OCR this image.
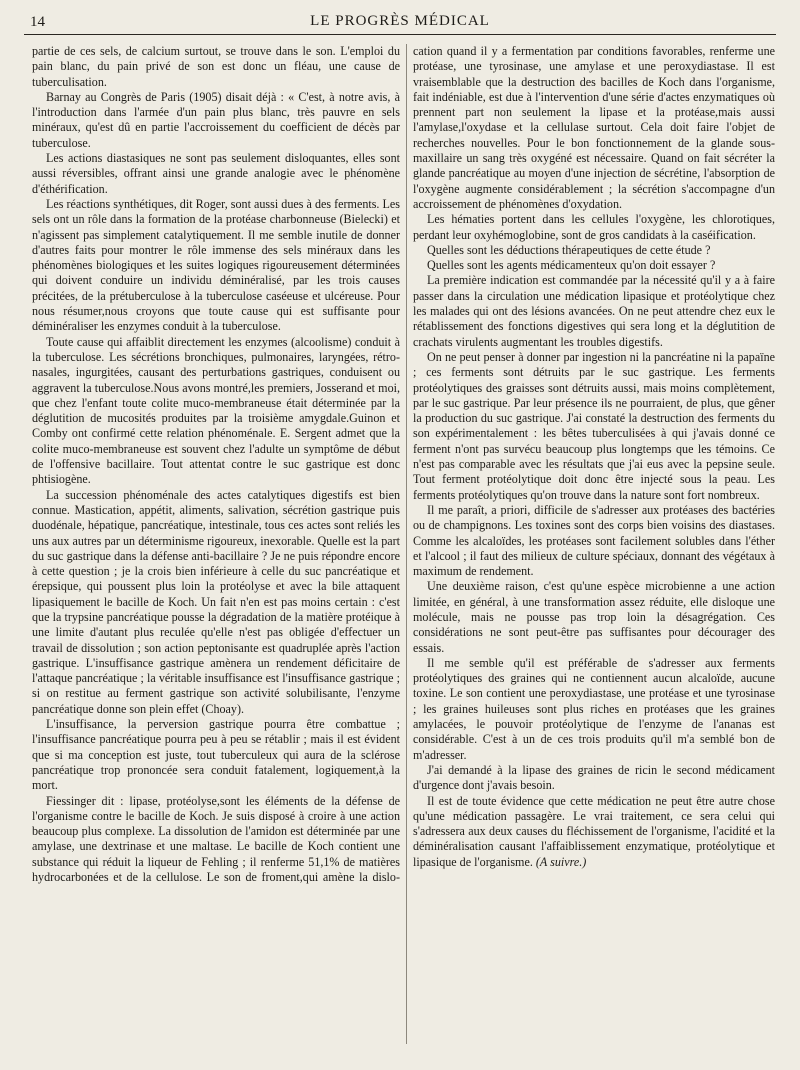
14	LE PROGRÈS MÉDICAL

partie de ces sels, de calcium surtout, se trouve dans le son. L'emploi du pain blanc, du pain privé de son est donc un fléau, une cause de tuberculisation.

Barnay au Congrès de Paris (1905) disait déjà : « C'est, à notre avis, à l'introduction dans l'armée d'un pain plus blanc, très pauvre en sels minéraux, qu'est dû en partie l'accroissement du coefficient de décès par tuberculose.

Les actions diastasiques ne sont pas seulement disloquantes, elles sont aussi réversibles, offrant ainsi une grande analogie avec le phénomène d'éthérification.

Les réactions synthétiques, dit Roger, sont aussi dues à des ferments. Les sels ont un rôle dans la formation de la protéase charbonneuse (Bielecki) et n'agissent pas simplement catalytiquement. Il me semble inutile de donner d'autres faits pour montrer le rôle immense des sels minéraux dans les phénomènes biologiques et les suites logiques rigoureusement déterminées qui doivent conduire un individu déminéralisé, par les trois causes précitées, de la prétuberculose à la tuberculose caséeuse et ulcéreuse. Pour nous résumer,nous croyons que toute cause qui est suffisante pour déminéraliser les enzymes conduit à la tuberculose.

Toute cause qui affaiblit directement les enzymes (alcoolisme) conduit à la tuberculose. Les sécrétions bronchiques, pulmonaires, laryngées, rétro-nasales, ingurgitées, causant des perturbations gastriques, conduisent ou aggravent la tuberculose.Nous avons montré,les premiers, Josserand et moi, que chez l'enfant toute colite muco-membraneuse était déterminée par la déglutition de mucosités produites par la troisième amygdale.Guinon et Comby ont confirmé cette relation phénoménale. E. Sergent admet que la colite muco-membraneuse est souvent chez l'adulte un symptôme de début de l'offensive bacillaire. Tout attentat contre le suc gastrique est donc phtisiogène.

La succession phénoménale des actes catalytiques digestifs est bien connue. Mastication, appétit, aliments, salivation, sécrétion gastrique puis duodénale, hépatique, pancréatique, intestinale, tous ces actes sont reliés les uns aux autres par un déterminisme rigoureux, inexorable. Quelle est la part du suc gastrique dans la défense anti-bacillaire ? Je ne puis répondre encore à cette question ; je la crois bien inférieure à celle du suc pancréatique et érepsique, qui poussent plus loin la protéolyse et avec la bile attaquent lipasiquement le bacille de Koch. Un fait n'en est pas moins certain : c'est que la trypsine pancréatique pousse la dégradation de la matière protéique à une limite d'autant plus reculée qu'elle n'est pas obligée d'effectuer un travail de dissolution ; son action peptonisante est quadruplée après l'action gastrique. L'insuffisance gastrique amènera un rendement déficitaire de l'attaque pancréatique ; la véritable insuffisance est l'insuffisance gastrique ; si on restitue au ferment gastrique son activité solubilisante, l'enzyme pancréatique donne son plein effet (Choay).

L'insuffisance, la perversion gastrique pourra être combattue ; l'insuffisance pancréatique pourra peu à peu se rétablir ; mais il est évident que si ma conception est juste, tout tuberculeux qui aura de la sclérose pancréatique trop prononcée sera conduit fatalement, logiquement,à la mort.

Fiessinger dit : lipase, protéolyse,sont les éléments de la défense de l'organisme contre le bacille de Koch. Je suis disposé à croire à une action beaucoup plus complexe. La dissolution de l'amidon est déterminée par une amylase, une dextrinase et une maltase. Le bacille de Koch contient une substance qui réduit la liqueur de Fehling ; il renferme 51,1% de matières hydrocarbonées et de la cellulose. Le son de froment,qui amène la dislo-

cation quand il y a fermentation par conditions favorables, renferme une protéase, une tyrosinase, une amylase et une peroxydiastase. Il est vraisemblable que la destruction des bacilles de Koch dans l'organisme, fait indéniable, est due à l'intervention d'une série d'actes enzymatiques où prennent part non seulement la lipase et la protéase,mais aussi l'amylase,l'oxydase et la cellulase surtout. Cela doit faire l'objet de recherches nouvelles. Pour le bon fonctionnement de la glande sous-maxillaire un sang très oxygéné est nécessaire. Quand on fait sécréter la glande pancréatique au moyen d'une injection de sécrétine, l'absorption de l'oxygène augmente considérablement ; la sécrétion s'accompagne d'un accroissement de phénomènes d'oxydation.

Les hématies portent dans les cellules l'oxygène, les chlorotiques, perdant leur oxyhémoglobine, sont de gros candidats à la caséification.

Quelles sont les déductions thérapeutiques de cette étude ?

Quelles sont les agents médicamenteux qu'on doit essayer ?

La première indication est commandée par la nécessité qu'il y a à faire passer dans la circulation une médication lipasique et protéolytique chez les malades qui ont des lésions avancées. On ne peut attendre chez eux le rétablissement des fonctions digestives qui sera long et la déglutition de crachats virulents augmentant les troubles digestifs.

On ne peut penser à donner par ingestion ni la pancréatine ni la papaïne ; ces ferments sont détruits par le suc gastrique. Les ferments protéolytiques des graisses sont détruits aussi, mais moins complètement, par le suc gastrique. Par leur présence ils ne pourraient, de plus, que gêner la production du suc gastrique. J'ai constaté la destruction des ferments du son expérimentalement : les bêtes tuberculisées à qui j'avais donné ce ferment n'ont pas survécu beaucoup plus longtemps que les témoins. Ce n'est pas comparable avec les résultats que j'ai eus avec la pepsine seule. Tout ferment protéolytique doit donc être injecté sous la peau. Les ferments protéolytiques qu'on trouve dans la nature sont fort nombreux.

Il me paraît, a priori, difficile de s'adresser aux protéases des bactéries ou de champignons. Les toxines sont des corps bien voisins des diastases. Comme les alcaloïdes, les protéases sont facilement solubles dans l'éther et l'alcool ; il faut des milieux de culture spéciaux, donnant des végétaux à maximum de rendement.

Une deuxième raison, c'est qu'une espèce microbienne a une action limitée, en général, à une transformation assez réduite, elle disloque une molécule, mais ne pousse pas trop loin la désagrégation. Ces considérations ne sont peut-être pas suffisantes pour décourager des essais.

Il me semble qu'il est préférable de s'adresser aux ferments protéolytiques des graines qui ne contiennent aucun alcaloïde, aucune toxine. Le son contient une peroxydiastase, une protéase et une tyrosinase ; les graines huileuses sont plus riches en protéases que les graines amylacées, le pouvoir protéolytique de l'enzyme de l'ananas est considérable. C'est à un de ces trois produits qu'il m'a semblé bon de m'adresser.

J'ai demandé à la lipase des graines de ricin le second médicament d'urgence dont j'avais besoin.

Il est de toute évidence que cette médication ne peut être autre chose qu'une médication passagère. Le vrai traitement, ce sera celui qui s'adressera aux deux causes du fléchissement de l'organisme, l'acidité et la déminéralisation causant l'affaiblissement enzymatique, protéolytique et lipasique de l'organisme. (A suivre.)
